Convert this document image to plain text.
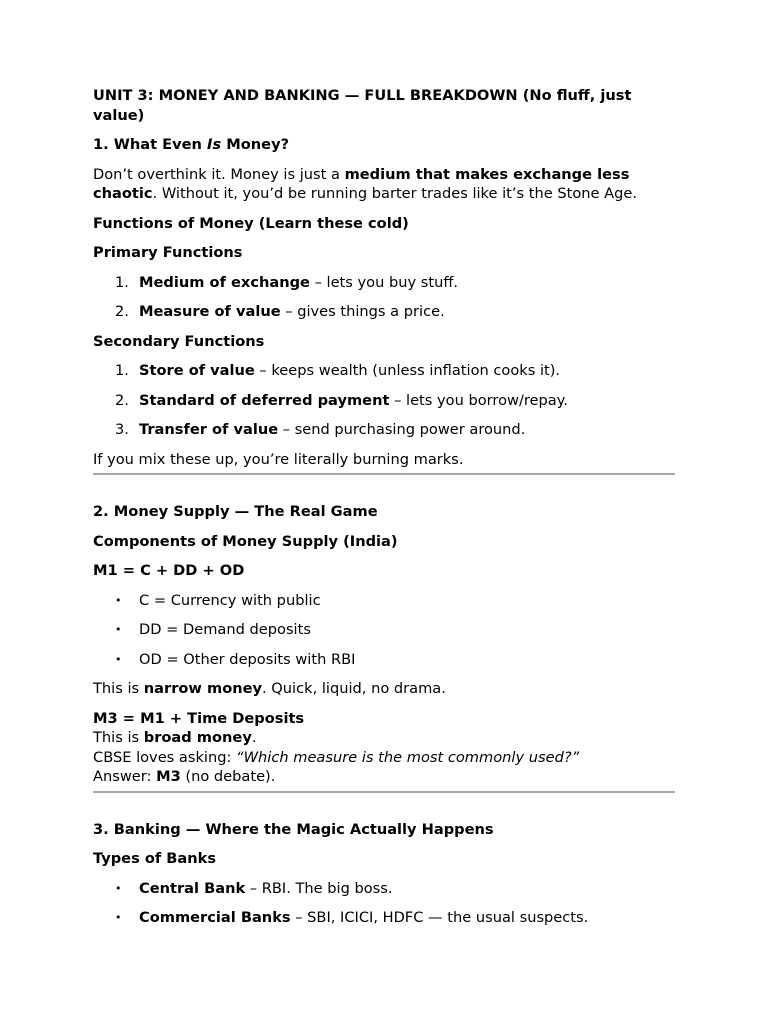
UNIT 3: MONEY AND BANKING — FULL BREAKDOWN (No fluff, just value)

1. What Even Is Money?

Don’t overthink it. Money is just a medium that makes exchange less chaotic. Without it, you’d be running barter trades like it’s the Stone Age.

Functions of Money (Learn these cold)

Primary Functions

1. Medium of exchange – lets you buy stuff.
2. Measure of value – gives things a price.

Secondary Functions

1. Store of value – keeps wealth (unless inflation cooks it).
2. Standard of deferred payment – lets you borrow/repay.
3. Transfer of value – send purchasing power around.

If you mix these up, you’re literally burning marks.

2. Money Supply — The Real Game

Components of Money Supply (India)

M1 = C + DD + OD

• C = Currency with public
• DD = Demand deposits
• OD = Other deposits with RBI

This is narrow money. Quick, liquid, no drama.

M3 = M1 + Time Deposits

This is broad money.

CBSE loves asking: “Which measure is the most commonly used?”

Answer: M3 (no debate).

3. Banking — Where the Magic Actually Happens

Types of Banks

• Central Bank – RBI. The big boss.
• Commercial Banks – SBI, ICICI, HDFC — the usual suspects.
